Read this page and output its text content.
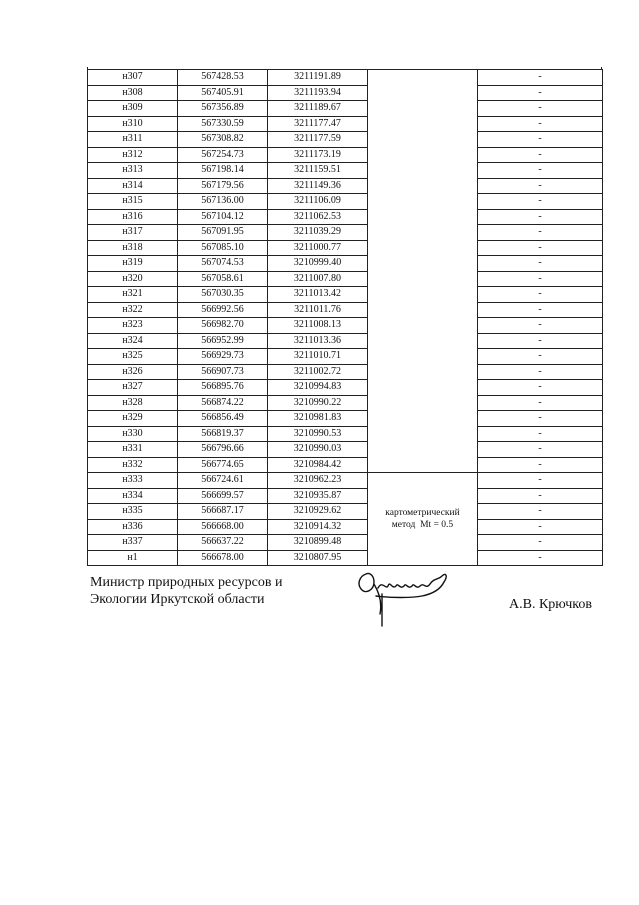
н307	567428.53	3211191.89		-
н308	567405.91	3211193.94		-
н309	567356.89	3211189.67		-
н310	567330.59	3211177.47		-
н311	567308.82	3211177.59		-
н312	567254.73	3211173.19		-
н313	567198.14	3211159.51		-
н314	567179.56	3211149.36		-
н315	567136.00	3211106.09		-
н316	567104.12	3211062.53		-
н317	567091.95	3211039.29		-
н318	567085.10	3211000.77		-
н319	567074.53	3210999.40		-
н320	567058.61	3211007.80		-
н321	567030.35	3211013.42		-
н322	566992.56	3211011.76		-
н323	566982.70	3211008.13		-
н324	566952.99	3211013.36		-
н325	566929.73	3211010.71		-
н326	566907.73	3211002.72		-
н327	566895.76	3210994.83		-
н328	566874.22	3210990.22		-
н329	566856.49	3210981.83		-
н330	566819.37	3210990.53		-
н331	566796.66	3210990.03		-
н332	566774.65	3210984.42		-
н333	566724.61	3210962.23	картометрический
метод  Mt = 0.5	-
н334	566699.57	3210935.87		-
н335	566687.17	3210929.62		-
н336	566668.00	3210914.32		-
н337	566637.22	3210899.48		-
н1	566678.00	3210807.95		-
Министр природных ресурсов и
Экологии Иркутской области	А.В. Крючков
